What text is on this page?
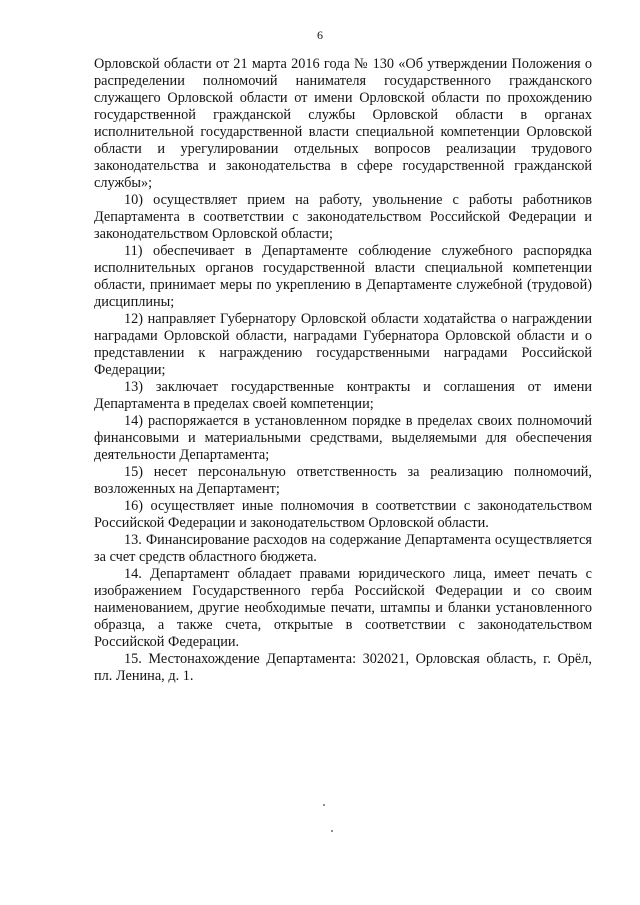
6

Орловской области от 21 марта 2016 года № 130 «Об утверждении Положения о распределении полномочий нанимателя государственного гражданского служащего Орловской области от имени Орловской области по прохождению государственной гражданской службы Орловской области в органах исполнительной государственной власти специальной компетенции Орловской области и урегулировании отдельных вопросов реализации трудового законодательства и законодательства в сфере государственной гражданской службы»;

10) осуществляет прием на работу, увольнение с работы работников Департамента в соответствии с законодательством Российской Федерации и законодательством Орловской области;

11) обеспечивает в Департаменте соблюдение служебного распорядка исполнительных органов государственной власти специальной компетенции области, принимает меры по укреплению в Департаменте служебной (трудовой) дисциплины;

12) направляет Губернатору Орловской области ходатайства о награждении наградами Орловской области, наградами Губернатора Орловской области и о представлении к награждению государственными наградами Российской Федерации;

13) заключает государственные контракты и соглашения от имени Департамента в пределах своей компетенции;

14) распоряжается в установленном порядке в пределах своих полномочий финансовыми и материальными средствами, выделяемыми для обеспечения деятельности Департамента;

15) несет персональную ответственность за реализацию полномочий, возложенных на Департамент;

16) осуществляет иные полномочия в соответствии с законодательством Российской Федерации и законодательством Орловской области.

13. Финансирование расходов на содержание Департамента осуществляется за счет средств областного бюджета.

14. Департамент обладает правами юридического лица, имеет печать с изображением Государственного герба Российской Федерации и со своим наименованием, другие необходимые печати, штампы и бланки установленного образца, а также счета, открытые в соответствии с законодательством Российской Федерации.

15. Местонахождение Департамента: 302021, Орловская область, г. Орёл, пл. Ленина, д. 1.
